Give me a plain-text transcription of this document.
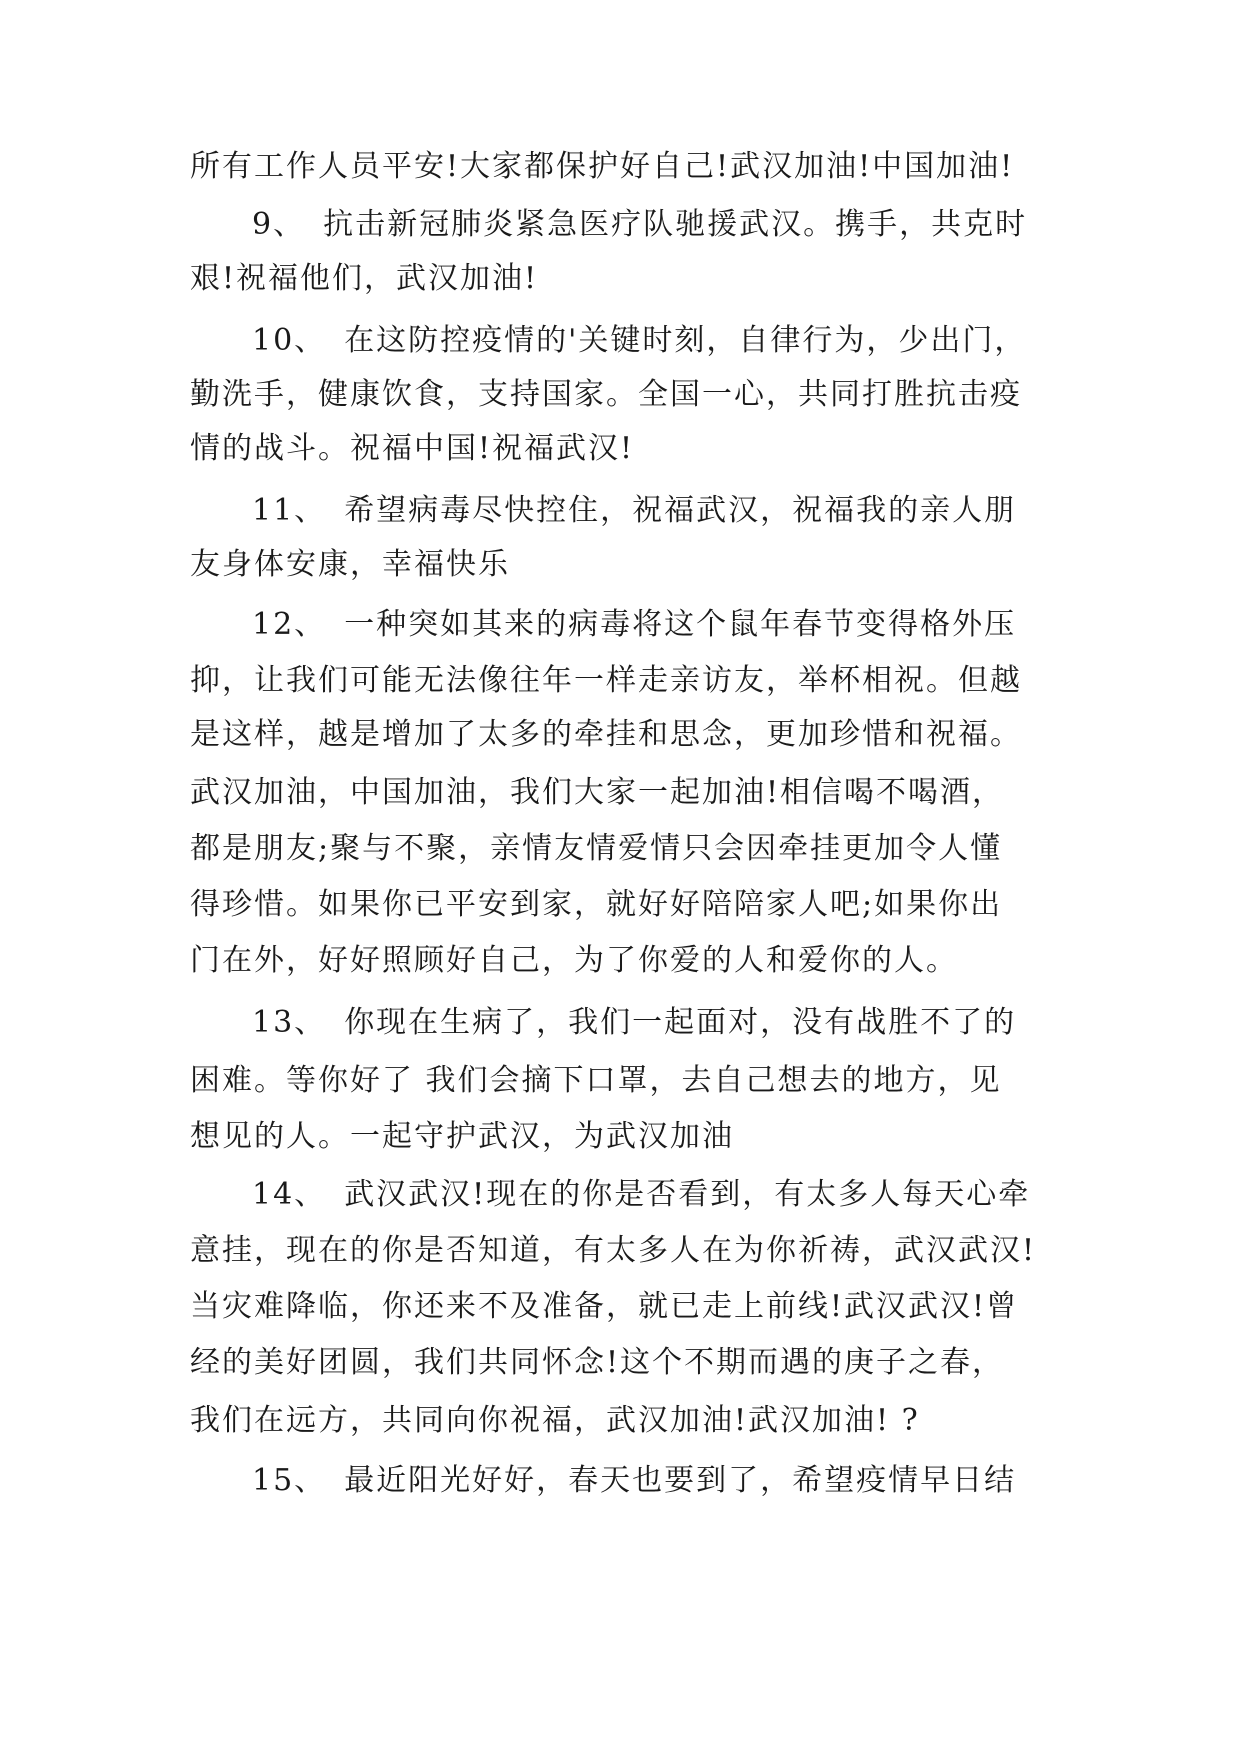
所有工作人员平安!大家都保护好自己!武汉加油!中国加油!
9、 抗击新冠肺炎紧急医疗队驰援武汉。携手，共克时
艰!祝福他们，武汉加油!
10、 在这防控疫情的'关键时刻，自律行为，少出门，
勤洗手，健康饮食，支持国家。全国一心，共同打胜抗击疫
情的战斗。祝福中国!祝福武汉!
11、 希望病毒尽快控住，祝福武汉，祝福我的亲人朋
友身体安康，幸福快乐
12、 一种突如其来的病毒将这个鼠年春节变得格外压
抑，让我们可能无法像往年一样走亲访友，举杯相祝。但越
是这样，越是增加了太多的牵挂和思念，更加珍惜和祝福。
武汉加油，中国加油，我们大家一起加油!相信喝不喝酒，
都是朋友;聚与不聚，亲情友情爱情只会因牵挂更加令人懂
得珍惜。如果你已平安到家，就好好陪陪家人吧;如果你出
门在外，好好照顾好自己，为了你爱的人和爱你的人。
13、 你现在生病了，我们一起面对，没有战胜不了的
困难。等你好了 我们会摘下口罩，去自己想去的地方，见
想见的人。一起守护武汉，为武汉加油
14、 武汉武汉!现在的你是否看到，有太多人每天心牵
意挂，现在的你是否知道，有太多人在为你祈祷，武汉武汉!
当灾难降临，你还来不及准备，就已走上前线!武汉武汉!曾
经的美好团圆，我们共同怀念!这个不期而遇的庚子之春，
我们在远方，共同向你祝福，武汉加油!武汉加油! ?
15、 最近阳光好好，春天也要到了，希望疫情早日结
